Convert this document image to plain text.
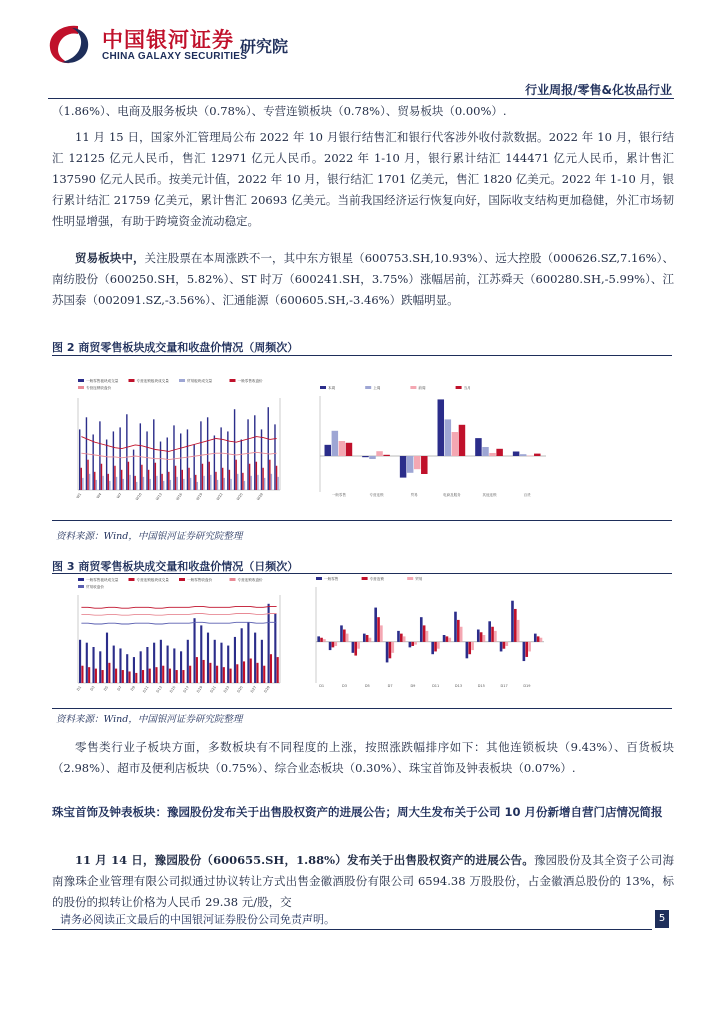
中国银河证券
CHINA GALAXY SECURITIES
研究院
行业周报/零售&化妆品行业
（1.86%）、电商及服务板块（0.78%）、专营连锁板块（0.78%）、贸易板块（0.00%）.
11 月 15 日，国家外汇管理局公布 2022 年 10 月银行结售汇和银行代客涉外收付款数据。2022 年 10 月，银行结汇 12125 亿元人民币，售汇 12971 亿元人民币。2022 年 1-10 月，银行累计结汇 144471 亿元人民币，累计售汇 137590 亿元人民币。按美元计值，2022 年 10 月，银行结汇 1701 亿美元，售汇 1820 亿美元。2022 年 1-10 月，银行累计结汇 21759 亿美元，累计售汇 20693 亿美元。当前我国经济运行恢复向好，国际收支结构更加稳健，外汇市场韧性明显增强，有助于跨境资金流动稳定。
贸易板块中，关注股票在本周涨跌不一，其中东方银星（600753.SH,10.93%）、远大控股（000626.SZ,7.16%）、南纺股份（600250.SH，5.82%）、ST 时万（600241.SH，3.75%）涨幅居前，江苏舜天（600280.SH,-5.99%）、江苏国泰（002091.SZ,-3.56%）、汇通能源（600605.SH,-3.46%）跌幅明显。
图 2 商贸零售板块成交量和收盘价情况（周频次）
一般零售板块成交量	专营连锁板块成交量	贸易板块成交量	一般零售收盘价
专营连锁收盘价
W1	W4	W7	W10	W13	W16	W19	W22	W25	W28
本周	上周	前周	当月
一般零售	专营连锁	贸易	电商及服务	其他连锁	百货
资料来源：Wind，中国银河证券研究院整理
图 3 商贸零售板块成交量和收盘价情况（日频次）
一般零售板块成交量	专营连锁板块成交量	一般零售收盘价	专营连锁收盘价
贸易收盘价
D1 D3 D5 D7 D9 D11 D13 D15 D17 D19 D21 D23 D25 D27 D29
一般零售	专营连锁	贸易
D1	D3	D5	D7	D9	D11	D13	D15	D17	D19
资料来源：Wind，中国银河证券研究院整理
零售类行业子板块方面，多数板块有不同程度的上涨，按照涨跌幅排序如下：其他连锁板块（9.43%）、百货板块（2.98%）、超市及便利店板块（0.75%）、综合业态板块（0.30%）、珠宝首饰及钟表板块（0.07%）.
珠宝首饰及钟表板块：豫园股份发布关于出售股权资产的进展公告；周大生发布关于公司 10 月份新增自营门店情况简报
11 月 14 日，豫园股份（600655.SH，1.88%）发布关于出售股权资产的进展公告。豫园股份及其全资子公司海南豫珠企业管理有限公司拟通过协议转让方式出售金徽酒股份有限公司 6594.38 万股股份，占金徽酒总股份的 13%，标的股份的拟转让价格为人民币 29.38 元/股，交
请务必阅读正文最后的中国银河证券股份公司免责声明。	5
